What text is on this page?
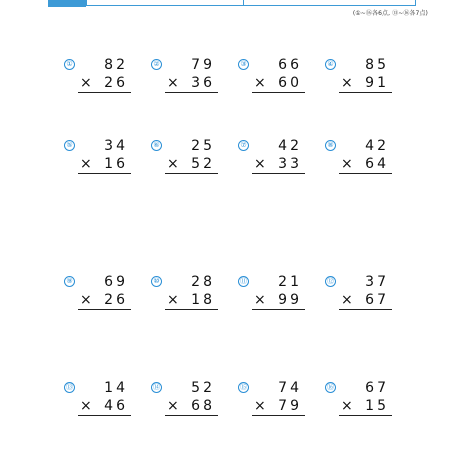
(①~⑯各6点, ⑬~⑯各7点)
①	82
× 26
②	79
× 36
③	66
× 60
④	85
× 91
⑤	34
× 16
⑥	25
× 52
⑦	42
× 33
⑧	42
× 64
⑨	69
× 26
⑩	28
× 18
⑪	21
× 99
⑫	37
× 67
⑬	14
× 46
⑭	52
× 68
⑮	74
× 79
⑯	67
× 15
